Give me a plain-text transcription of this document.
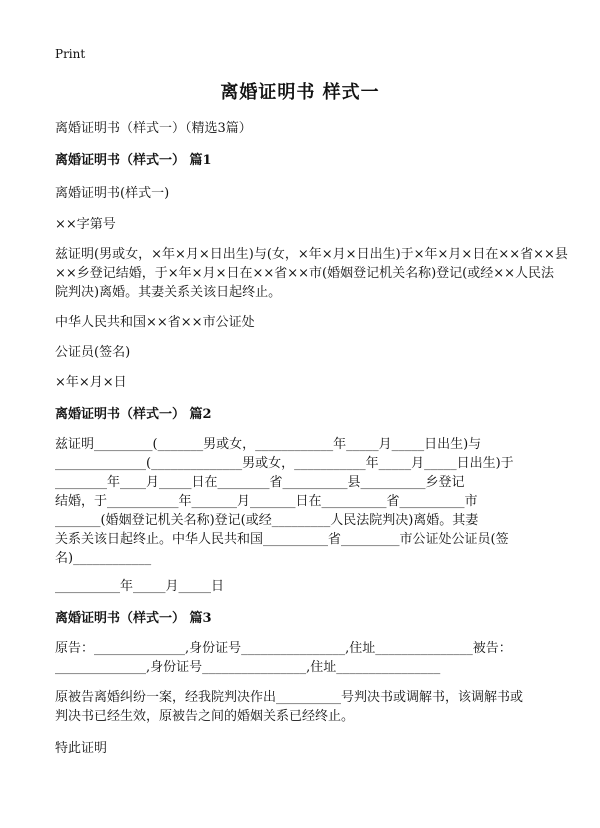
Print
离婚证明书 样式一
离婚证明书（样式一）（精选3篇）
离婚证明书（样式一） 篇1
离婚证明书(样式一)
××字第号
兹证明(男或女，×年×月×日出生)与(女，×年×月×日出生)于×年×月×日在××省××县
××乡登记结婚，于×年×月×日在××省××市(婚姻登记机关名称)登记(或经××人民法
院判决)离婚。其妻关系关该日起终止。
中华人民共和国××省××市公证处
公证员(签名)
×年×月×日
离婚证明书（样式一） 篇2
兹证明_________(_______男或女，____________年_____月_____日出生)与
______________(______________男或女，___________年_____月_____日出生)于
________年____月_____日在________省__________县__________乡登记
结婚，于___________年_______月_______日在__________省__________市
_______(婚姻登记机关名称)登记(或经_________人民法院判决)离婚。其妻
关系关该日起终止。中华人民共和国__________省_________市公证处公证员(签
名)____________
__________年_____月_____日
离婚证明书（样式一） 篇3
原告：______________,身份证号________________,住址_______________被告：
______________,身份证号________________,住址________________
原被告离婚纠纷一案，经我院判决作出__________号判决书或调解书，该调解书或
判决书已经生效，原被告之间的婚姻关系已经终止。
特此证明
